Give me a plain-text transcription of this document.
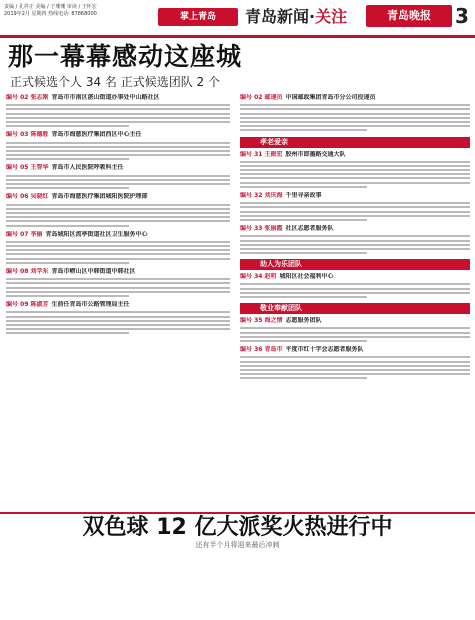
责编 / 孔祥正 美编 / 于珊珊 审读 / 王怀宏
2019年2月 星期四 热线电话: 87868000	掌上青岛	青岛新闻·关注	青岛晚报	3
那一幕幕感动这座城
正式候选个人 34 名 正式候选团队 2 个
编号 02 张志刚 青岛市市南区湛山街道办事处中山路社区
编号 03 陈德胜 青岛市海慈医疗集团西区中心主任
编号 05 王智华 青岛市人民医院呼吸科主任
编号 06 吴晓红 青岛市海慈医疗集团城阳医院护理部
编号 07 李丽 青岛城阳区流亭街道社区卫生服务中心
编号 08 刘学东 青岛市崂山区中韩街道中韩社区
编号 09 陈淑芳 生前任青岛市公路管理局主任
编号 02 邮递员 中国邮政集团青岛市分公司投递员
孝老爱亲
编号 31 王振宏 胶州市即墨路交通大队
编号 32 刘庆海 千里寻亲故事
编号 33 张丽霞 社区志愿者服务队
助人为乐团队
编号 34 赵明 城阳区社会福利中心
敬业奉献团队
编号 35 海之情 志愿服务团队
编号 36 青岛市 平度市红十字会志愿者服务队
双色球 12 亿大派奖火热进行中
还有半个月将迎来最后冲刺
